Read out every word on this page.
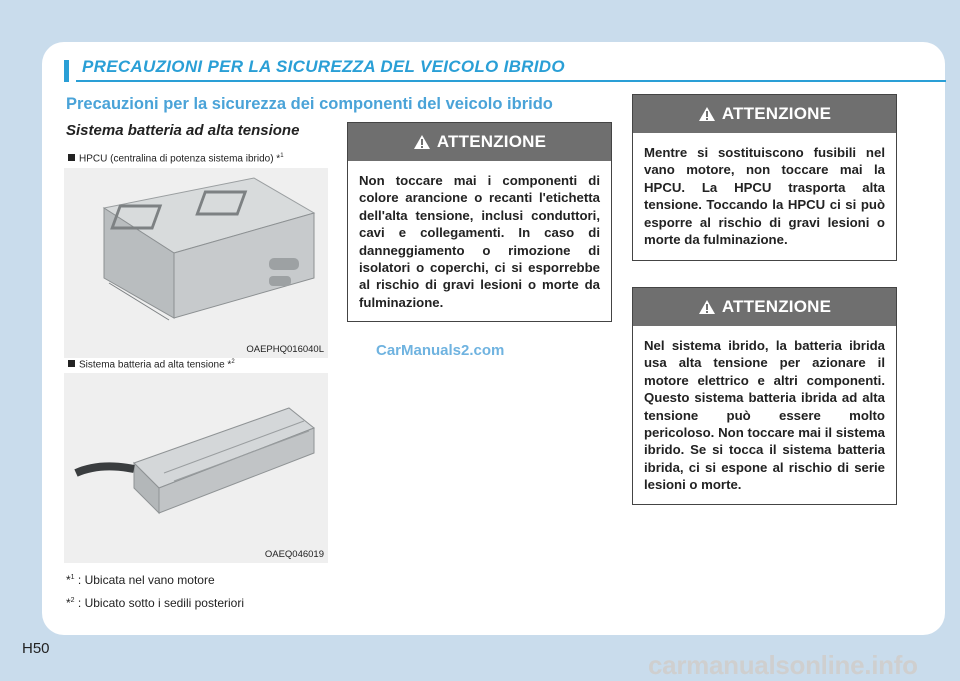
PRECAUZIONI PER LA SICUREZZA DEL VEICOLO IBRIDO
Precauzioni per la sicurezza dei componenti del veicolo ibrido
Sistema batteria ad alta tensione
HPCU (centralina di potenza sistema ibrido) *$^1$
OAEPHQ016040L
Sistema batteria ad alta tensione *$^2$
OAEQ046019
*$^1$ : Ubicata nel vano motore
*$^2$ : Ubicato sotto i sedili posteriori
ATTENZIONE
Non toccare mai i componenti di colore arancione o recanti l'etichetta dell'alta tensione, inclusi conduttori, cavi e collegamenti. In caso di danneggiamento o rimozione di isolatori o coperchi, ci si esporrebbe al rischio di gravi lesioni o morte da fulminazione.
ATTENZIONE
Mentre si sostituiscono fusibili nel vano motore, non toccare mai la HPCU. La HPCU trasporta alta tensione. Toccando la HPCU ci si può esporre al rischio di gravi lesioni o morte da fulminazione.
ATTENZIONE
Nel sistema ibrido, la batteria ibrida usa alta tensione per azionare il motore elettrico e altri componenti. Questo sistema batteria ibrida ad alta tensione può essere molto pericoloso. Non toccare mai il sistema ibrido. Se si tocca il sistema batteria ibrida, ci si espone al rischio di serie lesioni o morte.
CarManuals2.com
H50
carmanualsonline.info
